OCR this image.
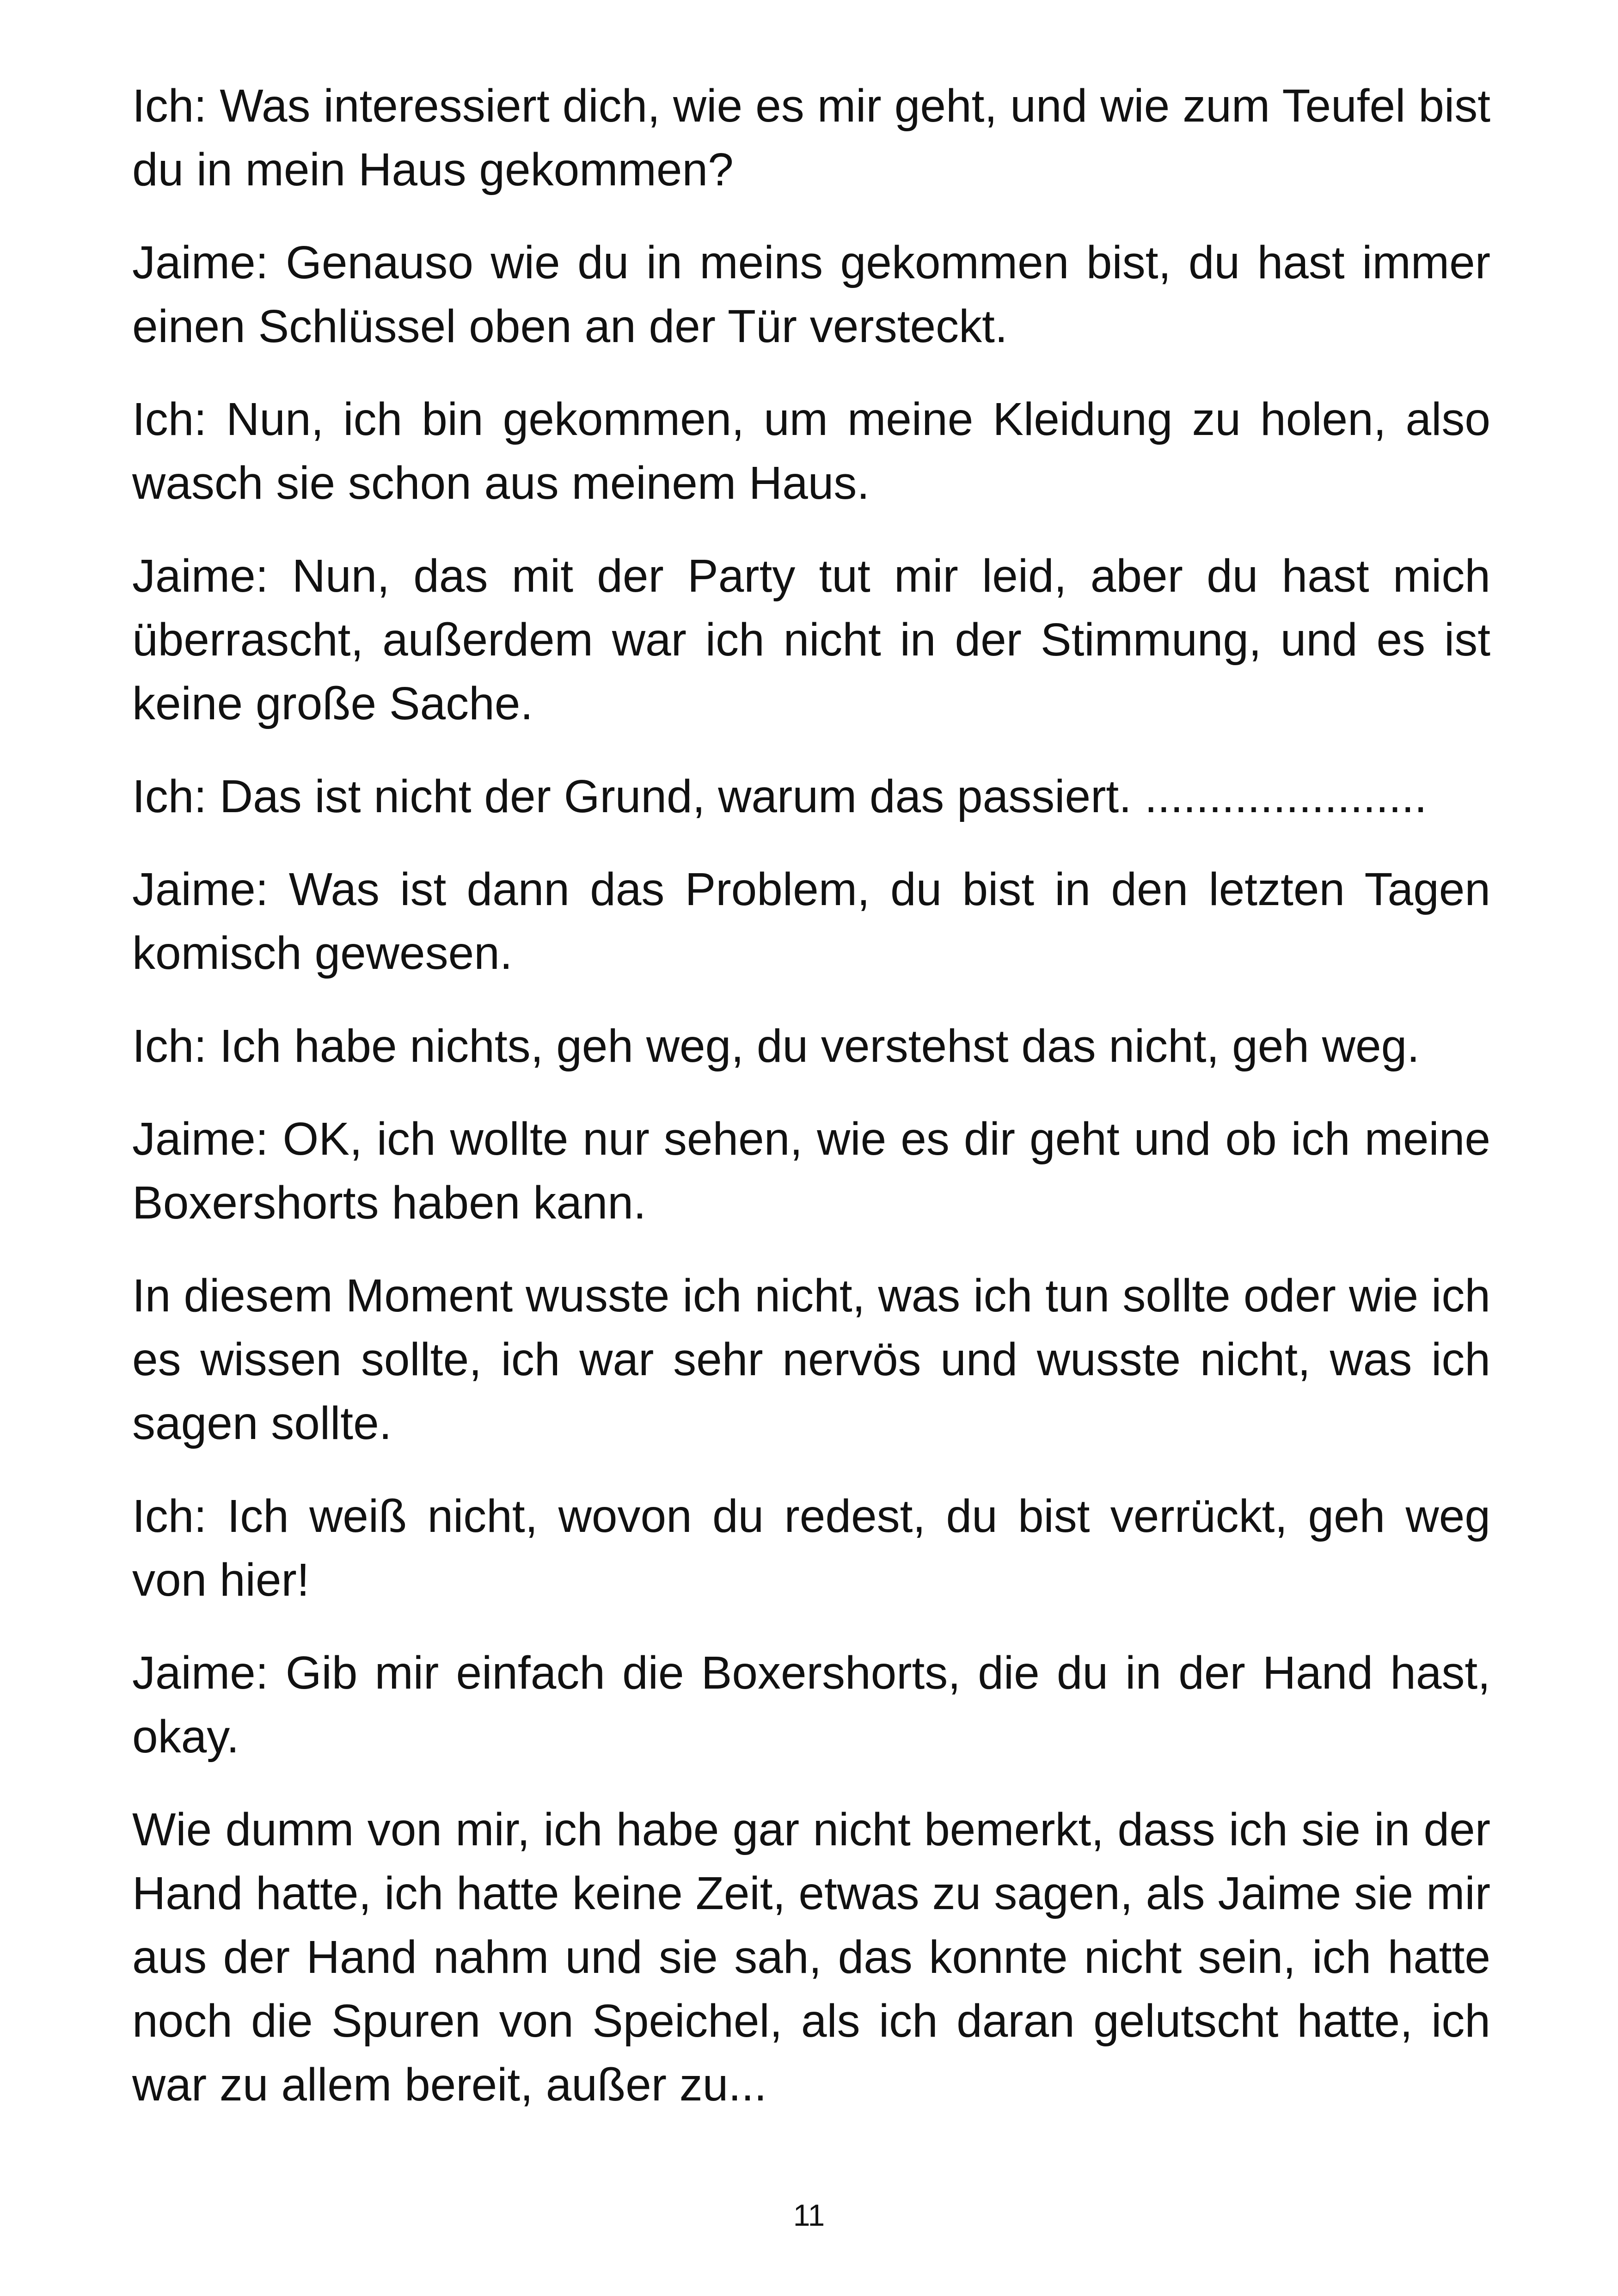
Ich: Was interessiert dich, wie es mir geht, und wie zum Teufel bist du in mein Haus gekommen?

Jaime: Genauso wie du in meins gekommen bist, du hast immer einen Schlüssel oben an der Tür versteckt.

Ich: Nun, ich bin gekommen, um meine Kleidung zu holen, also wasch sie schon aus meinem Haus.

Jaime: Nun, das mit der Party tut mir leid, aber du hast mich überrascht, außerdem war ich nicht in der Stimmung, und es ist keine große Sache.

Ich: Das ist nicht der Grund, warum das passiert. ......................

Jaime: Was ist dann das Problem, du bist in den letzten Tagen komisch gewesen.

Ich: Ich habe nichts, geh weg, du verstehst das nicht, geh weg.

Jaime: OK, ich wollte nur sehen, wie es dir geht und ob ich meine Boxershorts haben kann.

In diesem Moment wusste ich nicht, was ich tun sollte oder wie ich es wissen sollte, ich war sehr nervös und wusste nicht, was ich sagen sollte.

Ich: Ich weiß nicht, wovon du redest, du bist verrückt, geh weg von hier!

Jaime: Gib mir einfach die Boxershorts, die du in der Hand hast, okay.

Wie dumm von mir, ich habe gar nicht bemerkt, dass ich sie in der Hand hatte, ich hatte keine Zeit, etwas zu sagen, als Jaime sie mir aus der Hand nahm und sie sah, das konnte nicht sein, ich hatte noch die Spuren von Speichel, als ich daran gelutscht hatte, ich war zu allem bereit, außer zu...

11
